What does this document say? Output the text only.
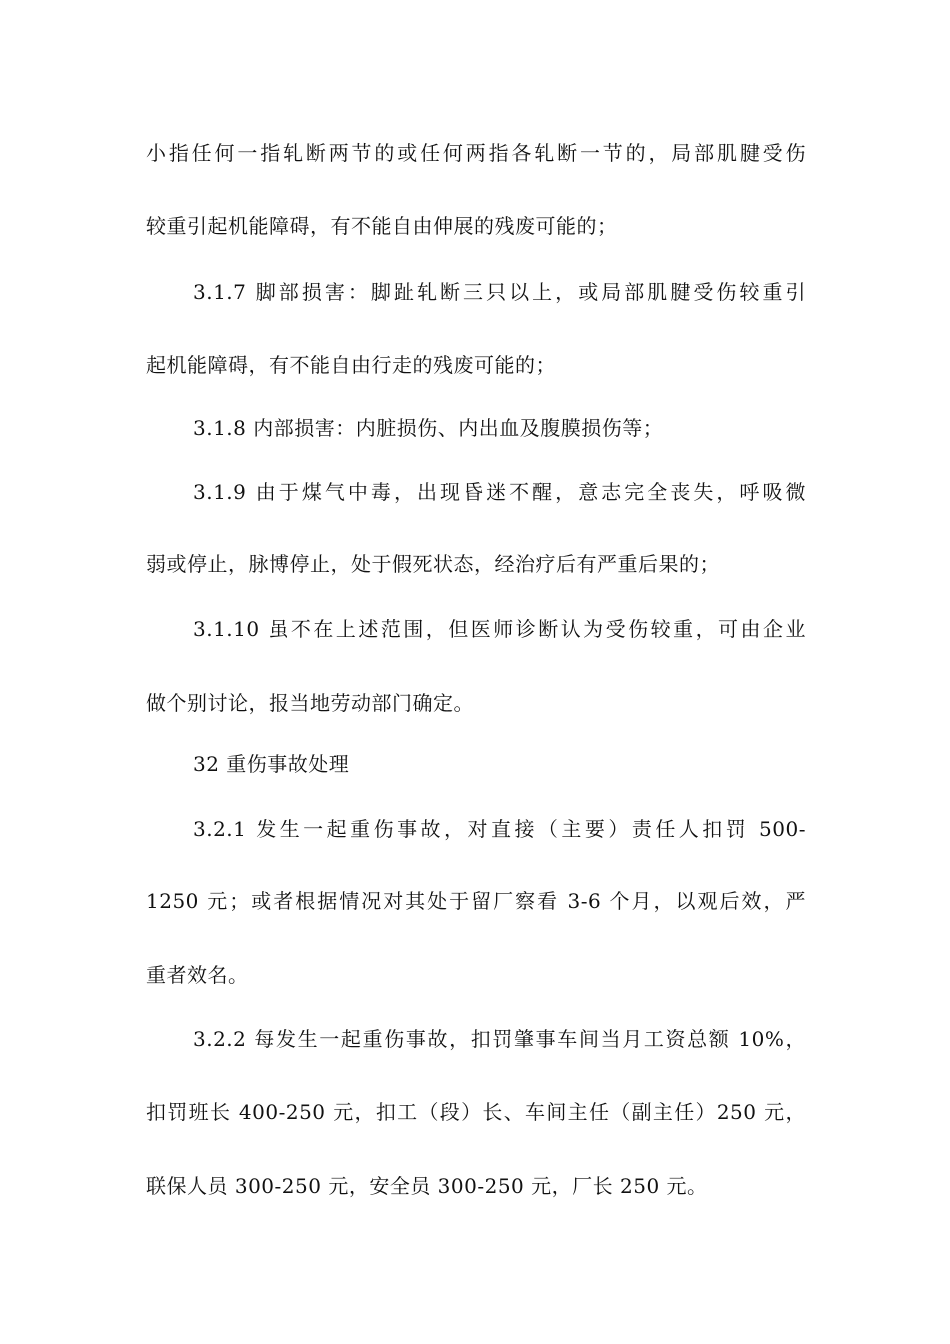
小指任何一指轧断两节的或任何两指各轧断一节的，局部肌腱受伤
较重引起机能障碍，有不能自由伸展的残废可能的；
3.1.7 脚部损害：脚趾轧断三只以上，或局部肌腱受伤较重引
起机能障碍，有不能自由行走的残废可能的；
3.1.8 内部损害：内脏损伤、内出血及腹膜损伤等；
3.1.9 由于煤气中毒，出现昏迷不醒，意志完全丧失，呼吸微
弱或停止，脉博停止，处于假死状态，经治疗后有严重后果的；
3.1.10 虽不在上述范围，但医师诊断认为受伤较重，可由企业
做个别讨论，报当地劳动部门确定。
32 重伤事故处理
3.2.1 发生一起重伤事故，对直接（主要）责任人扣罚 500-
1250 元；或者根据情况对其处于留厂察看 3-6 个月，以观后效，严
重者效名。
3.2.2 每发生一起重伤事故，扣罚肇事车间当月工资总额 10%，
扣罚班长 400-250 元，扣工（段）长、车间主任（副主任）250 元，
联保人员 300-250 元，安全员 300-250 元，厂长 250 元。
